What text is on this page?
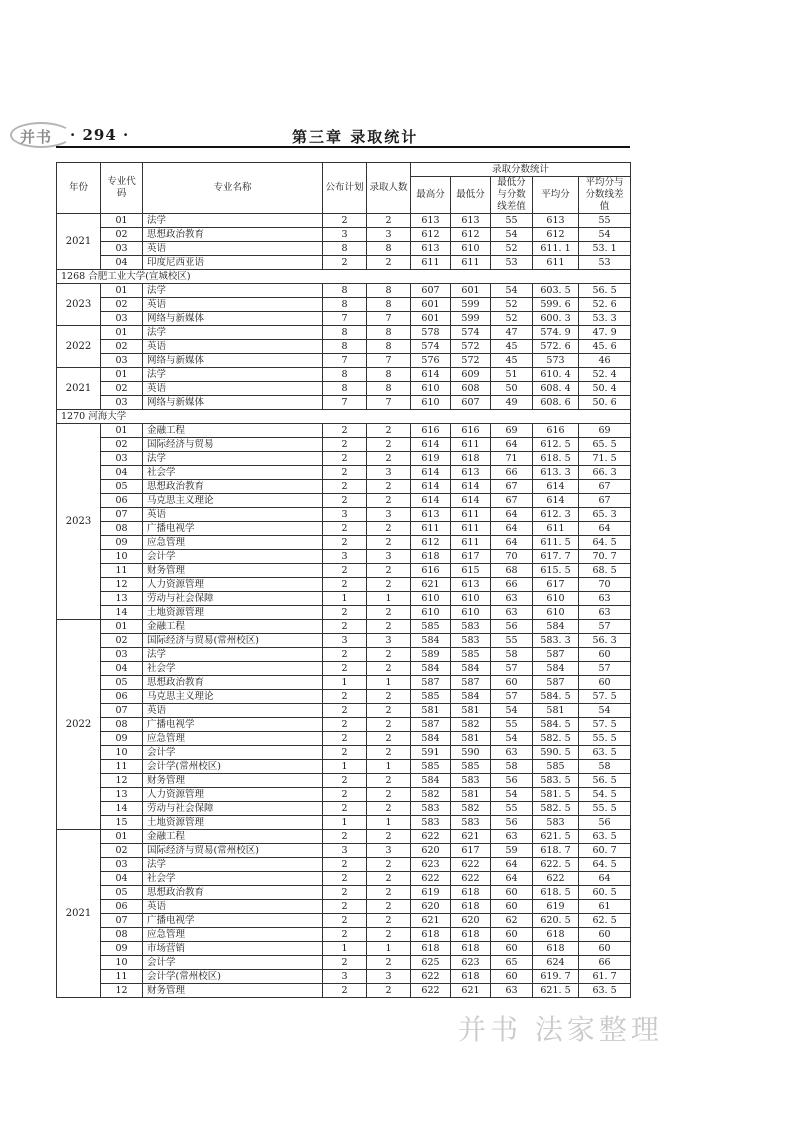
并书 · 294 ·	第三章 录取统计
年份	专业代码	专业名称	公布计划	录取人数	录取分数统计				
					最高分	最低分	最低分与分数线差值	平均分	平均分与分数线差值
2021	01	法学	2	2	613	613	55	613	55
	02	思想政治教育	3	3	612	612	54	612	54
	03	英语	8	8	613	610	52	611. 1	53. 1
	04	印度尼西亚语	2	2	611	611	53	611	53
1268 合肥工业大学(宣城校区)									
2023	01	法学	8	8	607	601	54	603. 5	56. 5
	02	英语	8	8	601	599	52	599. 6	52. 6
	03	网络与新媒体	7	7	601	599	52	600. 3	53. 3
2022	01	法学	8	8	578	574	47	574. 9	47. 9
	02	英语	8	8	574	572	45	572. 6	45. 6
	03	网络与新媒体	7	7	576	572	45	573	46
2021	01	法学	8	8	614	609	51	610. 4	52. 4
	02	英语	8	8	610	608	50	608. 4	50. 4
	03	网络与新媒体	7	7	610	607	49	608. 6	50. 6
1270 河海大学									
2023	01	金融工程	2	2	616	616	69	616	69
	02	国际经济与贸易	2	2	614	611	64	612. 5	65. 5
	03	法学	2	2	619	618	71	618. 5	71. 5
	04	社会学	2	3	614	613	66	613. 3	66. 3
	05	思想政治教育	2	2	614	614	67	614	67
	06	马克思主义理论	2	2	614	614	67	614	67
	07	英语	3	3	613	611	64	612. 3	65. 3
	08	广播电视学	2	2	611	611	64	611	64
	09	应急管理	2	2	612	611	64	611. 5	64. 5
	10	会计学	3	3	618	617	70	617. 7	70. 7
	11	财务管理	2	2	616	615	68	615. 5	68. 5
	12	人力资源管理	2	2	621	613	66	617	70
	13	劳动与社会保障	1	1	610	610	63	610	63
	14	土地资源管理	2	2	610	610	63	610	63
2022	01	金融工程	2	2	585	583	56	584	57
	02	国际经济与贸易(常州校区)	3	3	584	583	55	583. 3	56. 3
	03	法学	2	2	589	585	58	587	60
	04	社会学	2	2	584	584	57	584	57
	05	思想政治教育	1	1	587	587	60	587	60
	06	马克思主义理论	2	2	585	584	57	584. 5	57. 5
	07	英语	2	2	581	581	54	581	54
	08	广播电视学	2	2	587	582	55	584. 5	57. 5
	09	应急管理	2	2	584	581	54	582. 5	55. 5
	10	会计学	2	2	591	590	63	590. 5	63. 5
	11	会计学(常州校区)	1	1	585	585	58	585	58
	12	财务管理	2	2	584	583	56	583. 5	56. 5
	13	人力资源管理	2	2	582	581	54	581. 5	54. 5
	14	劳动与社会保障	2	2	583	582	55	582. 5	55. 5
	15	土地资源管理	1	1	583	583	56	583	56
2021	01	金融工程	2	2	622	621	63	621. 5	63. 5
	02	国际经济与贸易(常州校区)	3	3	620	617	59	618. 7	60. 7
	03	法学	2	2	623	622	64	622. 5	64. 5
	04	社会学	2	2	622	622	64	622	64
	05	思想政治教育	2	2	619	618	60	618. 5	60. 5
	06	英语	2	2	620	618	60	619	61
	07	广播电视学	2	2	621	620	62	620. 5	62. 5
	08	应急管理	2	2	618	618	60	618	60
	09	市场营销	1	1	618	618	60	618	60
	10	会计学	2	2	625	623	65	624	66
	11	会计学(常州校区)	3	3	622	618	60	619. 7	61. 7
	12	财务管理	2	2	622	621	63	621. 5	63. 5
并书 法家整理
